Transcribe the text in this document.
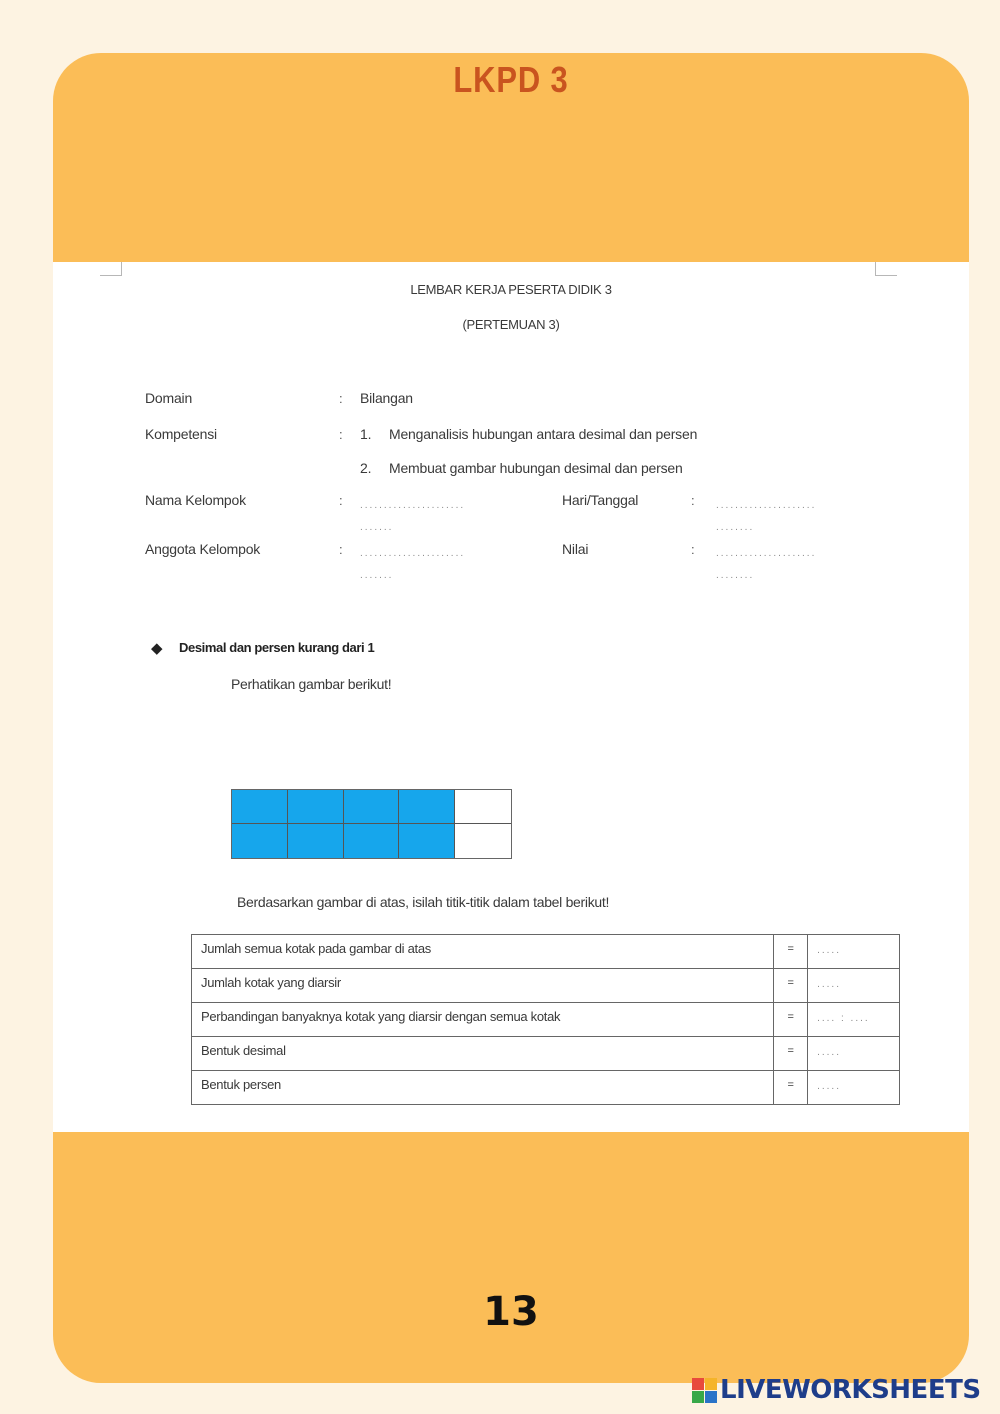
LKPD 3
LEMBAR KERJA PESERTA DIDIK 3
(PERTEMUAN 3)
Domain	: Bilangan
Kompetensi	: 1. Menganalisis hubungan antara desimal dan persen
2. Membuat gambar hubungan desimal dan persen
Nama Kelompok	: ......................
.......
Hari/Tanggal	: .....................
........
Anggota Kelompok	: ......................
.......
Nilai	: .....................
........
◆ Desimal dan persen kurang dari 1
Perhatikan gambar berikut!
Berdasarkan gambar di atas, isilah titik-titik dalam tabel berikut!
Jumlah semua kotak pada gambar di atas	=	.....
Jumlah kotak yang diarsir	=	.....
Perbandingan banyaknya kotak yang diarsir dengan semua kotak	=	.... : ....
Bentuk desimal	=	.....
Bentuk persen	=	.....
13
LIVEWORKSHEETS
